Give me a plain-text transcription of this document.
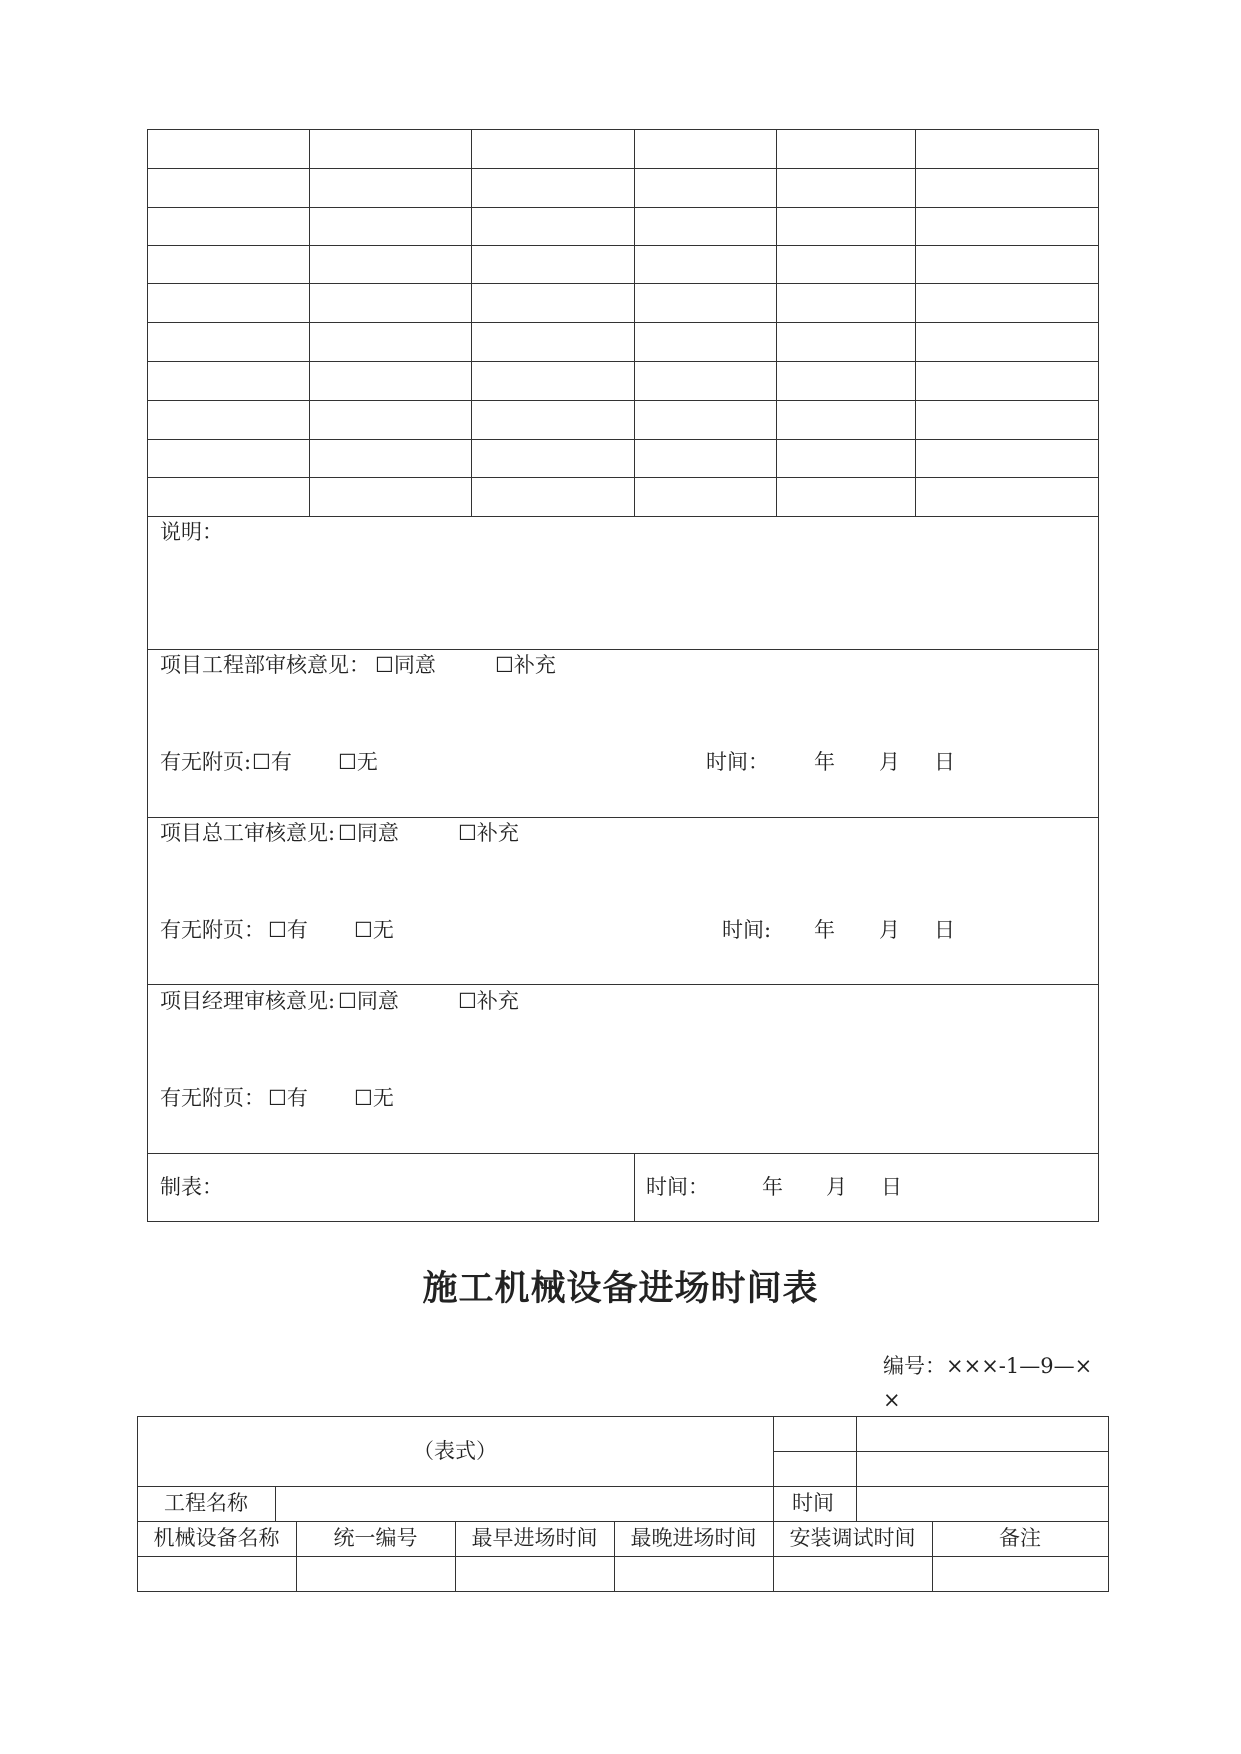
说明：
项目工程部审核意见： ☐同意	☐补充
有无附页: ☐有 ☐无	时间： 年 月 日
项目总工审核意见: ☐同意	☐补充
有无附页： ☐有 ☐无	时间: 年 月 日
项目经理审核意见: ☐同意	☐补充
有无附页： ☐有 ☐无
制表：	时间：	年 月 日
施工机械设备进场时间表
编号：×××-1—9—×
×
（表式）
工程名称	时间
机械设备名称	统一编号	最早进场时间	最晚进场时间	安装调试时间	备注
